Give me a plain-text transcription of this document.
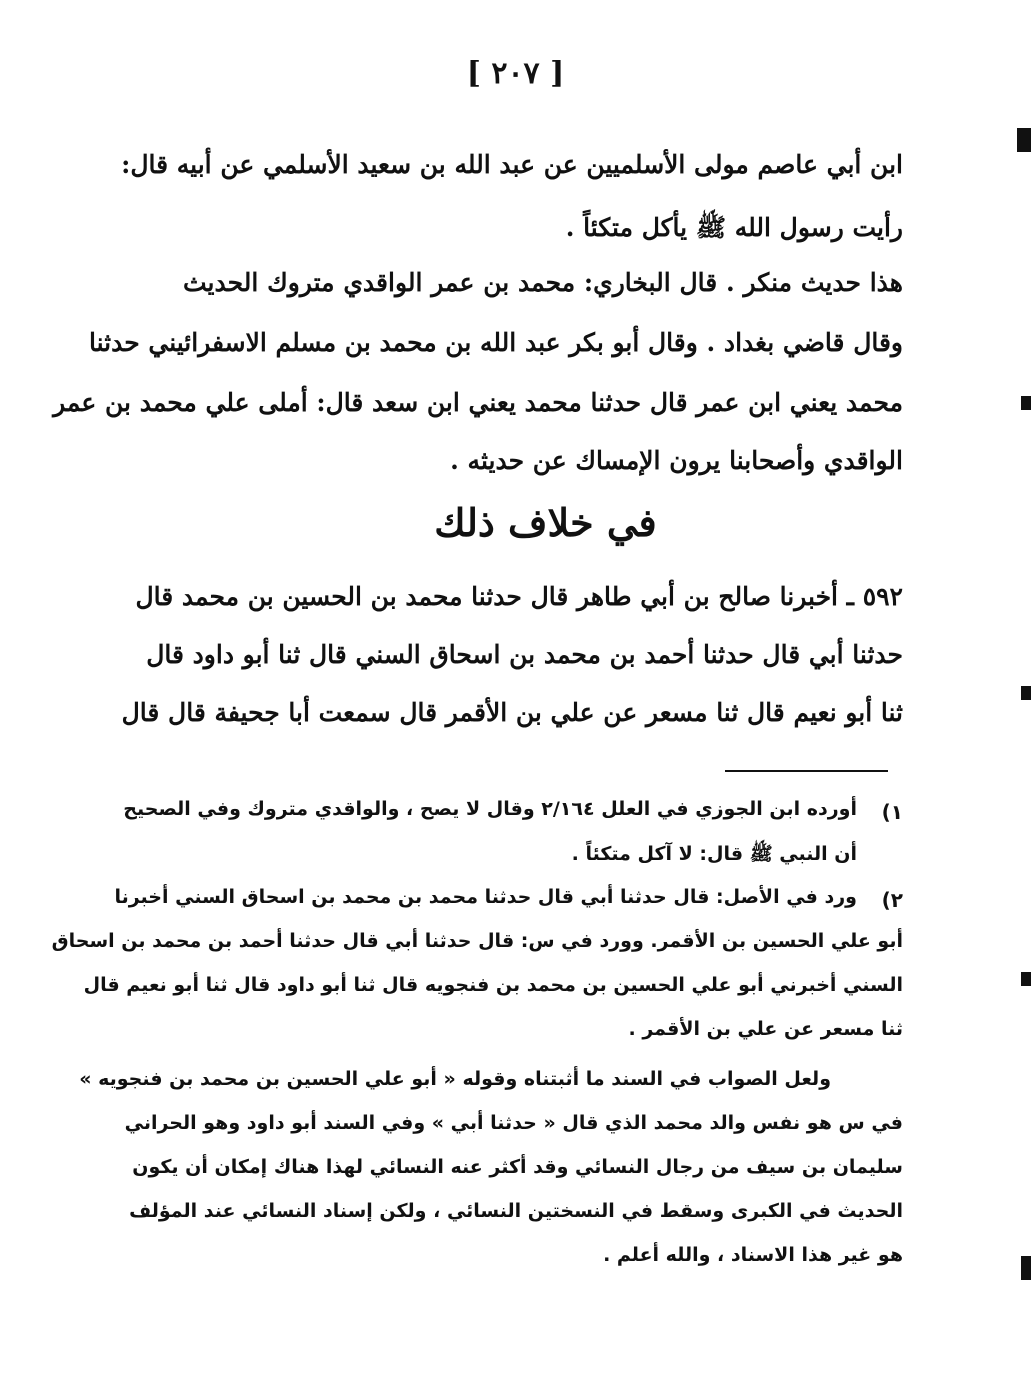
[ ٢٠٧ ]
ابن أبي عاصم مولى الأسلميين عن عبد الله بن سعيد الأسلمي عن أبيه قال:
رأيت رسول الله ﷺ يأكل متكئاً .
هذا حديث منكر . قال البخاري: محمد بن عمر الواقدي متروك الحديث
وقال قاضي بغداد . وقال أبو بكر عبد الله بن محمد بن مسلم الاسفرائيني حدثنا
محمد يعني ابن عمر قال حدثنا محمد يعني ابن سعد قال: أملى علي محمد بن عمر
الواقدي وأصحابنا يرون الإمساك عن حديثه .
في خلاف ذلك
٥٩٢ ـ أخبرنا صالح بن أبي طاهر قال حدثنا محمد بن الحسين بن محمد قال
حدثنا أبي قال حدثنا أحمد بن محمد بن اسحاق السني قال ثنا أبو داود قال
ثنا أبو نعيم قال ثنا مسعر عن علي بن الأقمر قال سمعت أبا جحيفة قال قال
(١
أورده ابن الجوزي في العلل ٢/١٦٤ وقال لا يصح ، والواقدي متروك وفي الصحيح
أن النبي ﷺ قال: لا آكل متكئاً .
(٢
ورد في الأصل: قال حدثنا أبي قال حدثنا محمد بن محمد بن اسحاق السني أخبرنا
أبو علي الحسين بن الأقمر. وورد في س: قال حدثنا أبي قال حدثنا أحمد بن محمد بن اسحاق
السني أخبرني أبو علي الحسين بن محمد بن فنجويه قال ثنا أبو داود قال ثنا أبو نعيم قال
ثنا مسعر عن علي بن الأقمر .
ولعل الصواب في السند ما أثبتناه وقوله « أبو علي الحسين بن محمد بن فنجويه »
في س هو نفس والد محمد الذي قال « حدثنا أبي » وفي السند أبو داود وهو الحراني
سليمان بن سيف من رجال النسائي وقد أكثر عنه النسائي لهذا هناك إمكان أن يكون
الحديث في الكبرى وسقط في النسختين النسائي ، ولكن إسناد النسائي عند المؤلف
هو غير هذا الاسناد ، والله أعلم .
